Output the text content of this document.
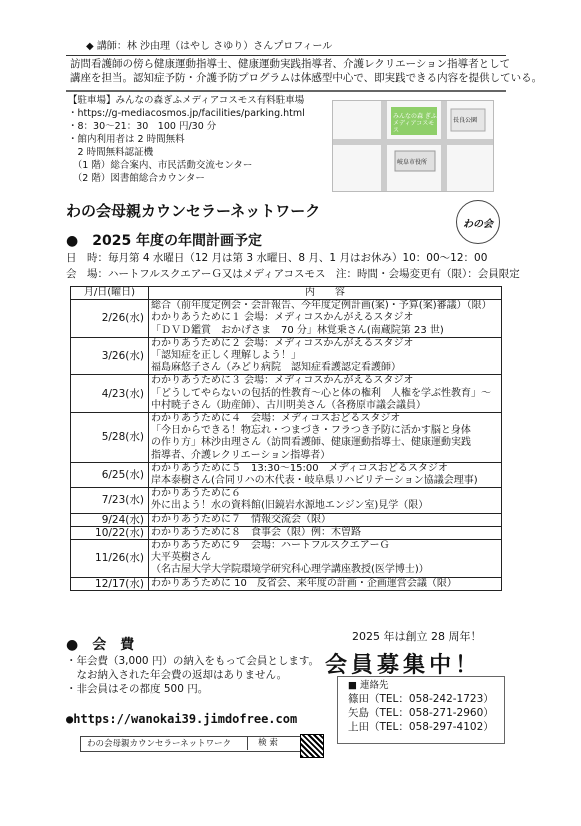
◆ 講師：林 沙由理（はやし さゆり）さんプロフィール
訪問看護師の傍ら健康運動指導士、健康運動実践指導者、介護レクリエーション指導者として
講座を担当。認知症予防・介護予防プログラムは体感型中心で、即実践できる内容を提供している。
【駐車場】みんなの森ぎふメディアコスモス有料駐車場
・https://g-mediacosmos.jp/facilities/parking.html
・8：30～21：30　100 円/30 分
・館内利用者は 2 時間無料
　2 時間無料認証機
　（1 階）総合案内、市民活動交流センター
　（2 階）図書館総合カウンター
みんなの森 ぎふメディアコスモス
長良公園
岐阜市役所
わの会母親カウンセラーネットワーク
わの会
●　2025 年度の年間計画予定
日　時：毎月第 4 水曜日（12 月は第 3 水曜日、8 月、1 月はお休み）10：00～12：00
会　場：ハートフルスクエアーＧ又はメディアコスモス　注：時間・会場変更有（限）：会員限定
月/日(曜日)	内　　容
2/26(水)	総合（前年度定例会・会計報告、今年度定例計画(案)・予算(案)審議）（限）
わかりあうために１ 会場：メディコスかんがえるスタジオ
「ＤＶＤ鑑賞　おかげさま　70 分」林覚乗さん(南蔵院第 23 世)

3/26(水)	わかりあうために２ 会場：メディコスかんがえるスタジオ
「認知症を正しく理解しよう！」
福島麻悠子さん（みどり病院　認知症看護認定看護師）

4/23(水)	わかりあうために３ 会場：メディコスかんがえるスタジオ
「どうしてやらないの包括的性教育～心と体の権利　人権を学ぶ性教育」～
中村暁子さん（助産師）、古川明美さん（各務原市議会議員）

5/28(水)	わかりあうために４　会場：メディコスおどるスタジオ
「今日からできる！物忘れ・つまづき・フラつき予防に活かす脳と身体
の作り方」林沙由理さん（訪問看護師、健康運動指導士、健康運動実践
指導者、介護レクリエーション指導者）

6/25(水)	わかりあうために５　13:30～15:00　メディコスおどるスタジオ
岸本泰樹さん(合同リハの木代表・岐阜県リハビリテーション協議会理事)

7/23(水)	わかりあうために６
外に出よう！水の資料館(旧鏡岩水源地エンジン室)見学（限）

9/24(水)	わかりあうために７　情報交流会（限）

10/22(水)	わかりあうために８　食事会（限）例：木曽路

11/26(水)	わかりあうために９　会場：ハートフルスクエアーＧ
大平英樹さん
（名古屋大学大学院環境学研究科心理学講座教授(医学博士)）

12/17(水)	わかりあうために 10　反省会、来年度の計画・企画運営会議（限）
●　会　費
・年会費（3,000 円）の納入をもって会員とします。
　なお納入された年会費の返却はありません。
・非会員はその都度 500 円。
2025 年は創立 28 周年！
会 員 募 集 中 ！
■ 連絡先
篠田（TEL：058-242-1723）
矢島（TEL：058-271-2960）
上田（TEL：058-297-4102）
●https://wanokai39.jimdofree.com
わの会母親カウンセラーネットワーク	検 索
